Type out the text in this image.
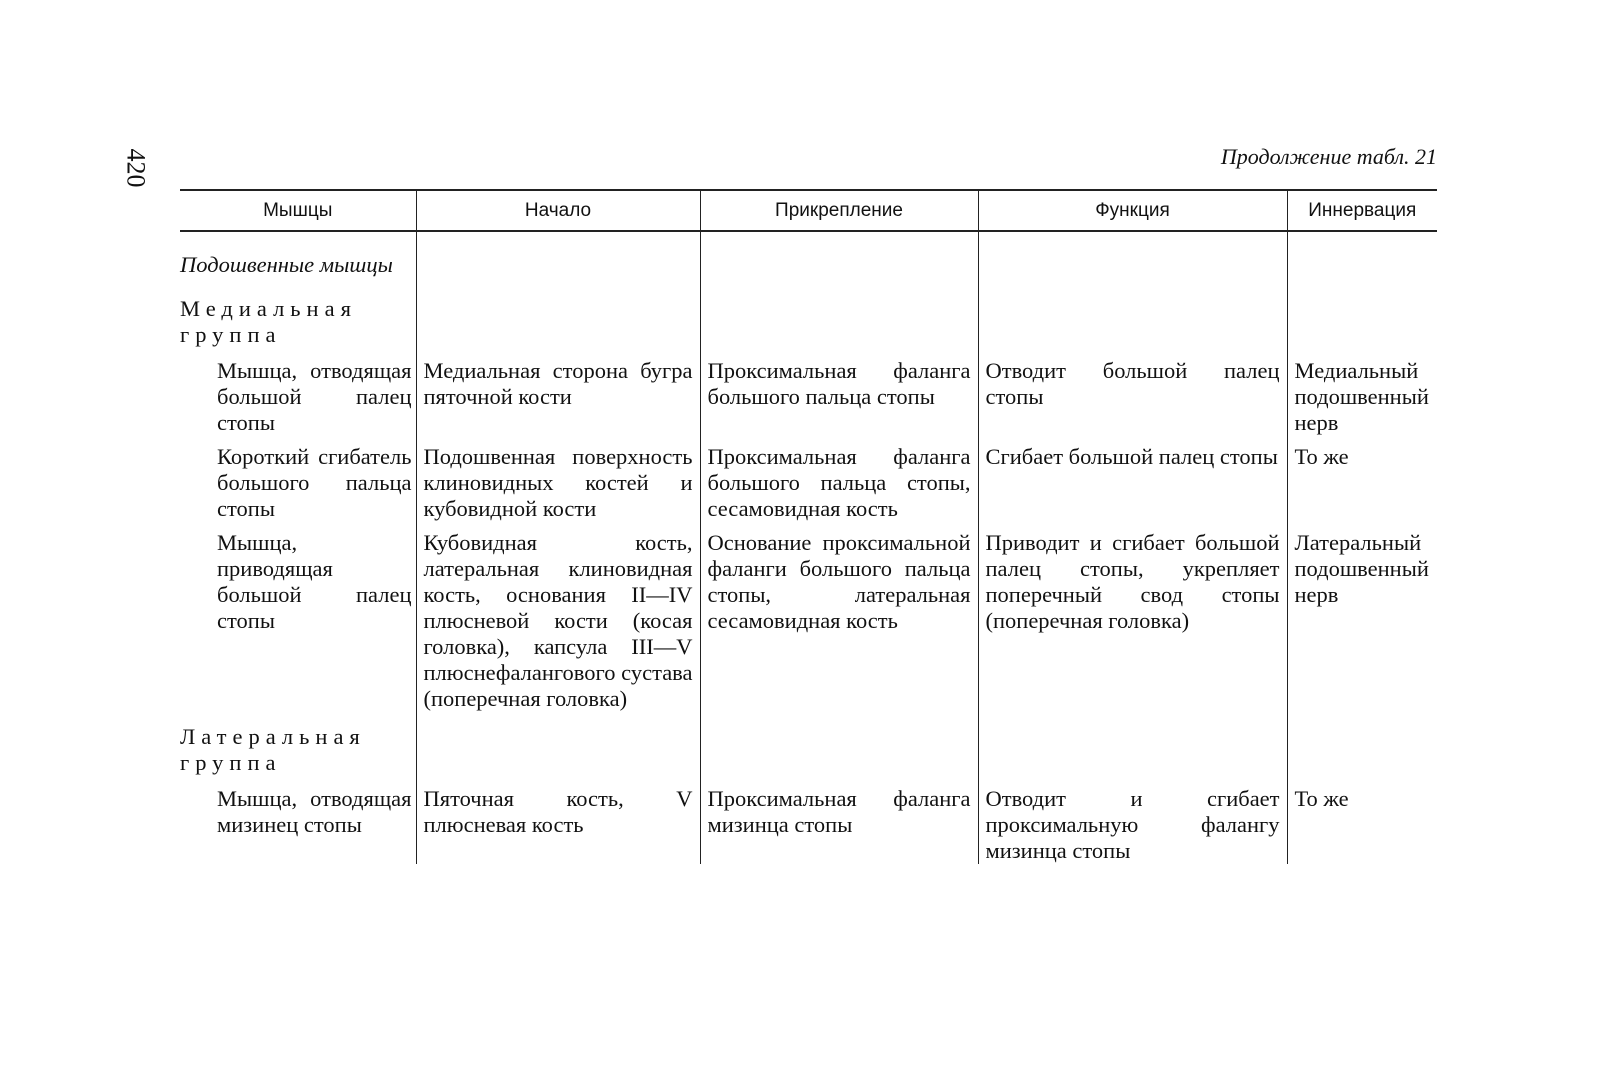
420	Продолжение табл. 21
Мышцы	Начало	Прикрепление	Функция	Иннервация
Подошвенные мышцы				
Медиальная группа				
Мышца, отводящая большой палец стопы	Медиальная сторона бугра пяточной кости	Проксимальная фаланга большого пальца стопы	Отводит большой палец стопы	Медиальный подошвенный нерв
Короткий сгибатель большого пальца стопы	Подошвенная поверхность клиновидных костей и кубовидной кости	Проксимальная фаланга большого пальца стопы, сесамовидная кость	Сгибает большой палец стопы	То же
Мышца, приводящая большой палец стопы	Кубовидная кость, латеральная клиновидная кость, основания II—IV плюсневой кости (косая головка), капсула III—V плюснефалангового сустава (поперечная головка)	Основание проксимальной фаланги большого пальца стопы, латеральная сесамовидная кость	Приводит и сгибает большой палец стопы, укрепляет поперечный свод стопы (поперечная головка)	Латеральный подошвенный нерв
Латеральная группа				
Мышца, отводящая мизинец стопы	Пяточная кость, V плюсневая кость	Проксимальная фаланга мизинца стопы	Отводит и сгибает проксимальную фалангу мизинца стопы	То же
